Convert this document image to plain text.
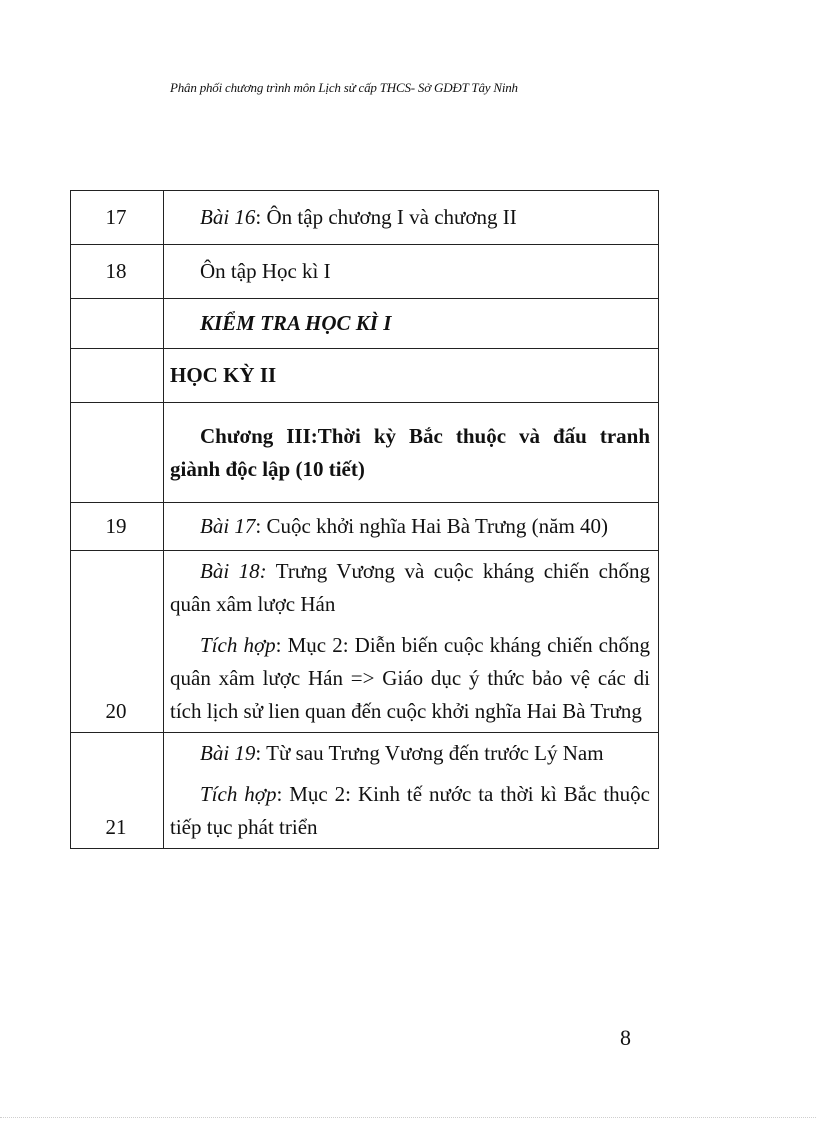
Phân phối chương trình môn Lịch sử cấp THCS- Sở GDĐT Tây Ninh
17	Bài 16: Ôn tập chương I và chương II
18	Ôn tập Học kì I
	KIỂM TRA HỌC KÌ I
	HỌC KỲ II
	Chương III:Thời kỳ Bắc thuộc và đấu tranh giành độc lập (10 tiết)
19	Bài 17: Cuộc khởi nghĩa Hai Bà Trưng (năm 40)
20	Bài 18: Trưng Vương và cuộc kháng chiến chống quân xâm lược Hán

Tích hợp: Mục 2: Diễn biến cuộc kháng chiến chống quân xâm lược Hán => Giáo dục ý thức bảo vệ các di tích lịch sử lien quan đến cuộc khởi nghĩa Hai Bà Trưng

21	Bài 19: Từ sau Trưng Vương đến trước Lý Nam

Tích hợp: Mục 2: Kinh tế nước ta thời kì Bắc thuộc tiếp tục phát triển

8
